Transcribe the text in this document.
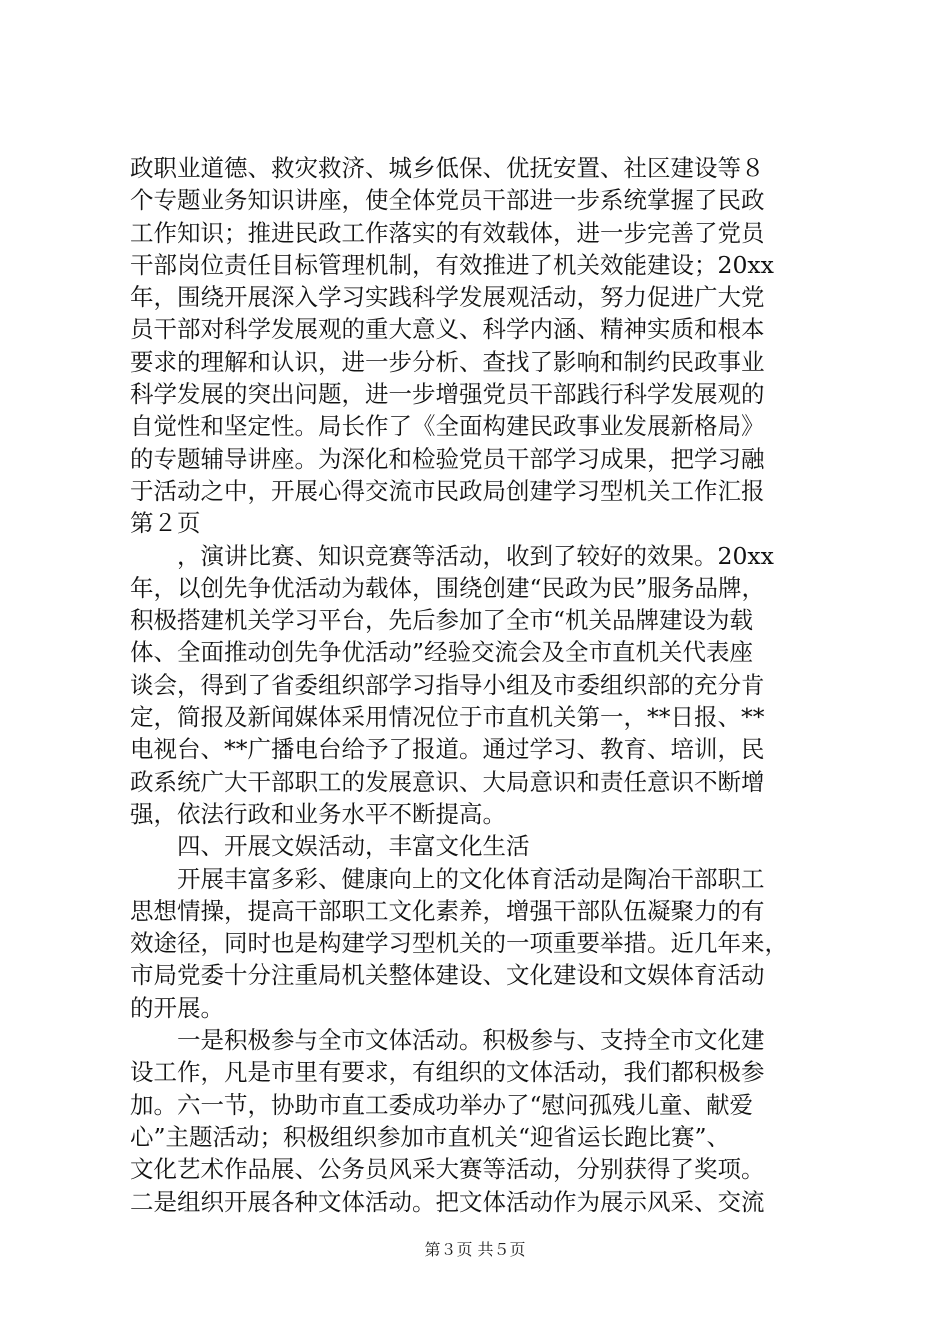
政职业道德、救灾救济、城乡低保、优抚安置、社区建设等８
个专题业务知识讲座，使全体党员干部进一步系统掌握了民政
工作知识；推进民政工作落实的有效载体，进一步完善了党员
干部岗位责任目标管理机制，有效推进了机关效能建设；20xx
年，围绕开展深入学习实践科学发展观活动，努力促进广大党
员干部对科学发展观的重大意义、科学内涵、精神实质和根本
要求的理解和认识，进一步分析、查找了影响和制约民政事业
科学发展的突出问题，进一步增强党员干部践行科学发展观的
自觉性和坚定性。局长作了《全面构建民政事业发展新格局》
的专题辅导讲座。为深化和检验党员干部学习成果，把学习融
于活动之中，开展心得交流市民政局创建学习型机关工作汇报
第２页
　　，演讲比赛、知识竞赛等活动，收到了较好的效果。20xx
年，以创先争优活动为载体，围绕创建“民政为民”服务品牌，
积极搭建机关学习平台，先后参加了全市“机关品牌建设为载
体、全面推动创先争优活动”经验交流会及全市直机关代表座
谈会，得到了省委组织部学习指导小组及市委组织部的充分肯
定，简报及新闻媒体采用情况位于市直机关第一，**日报、**
电视台、**广播电台给予了报道。通过学习、教育、培训，民
政系统广大干部职工的发展意识、大局意识和责任意识不断增
强，依法行政和业务水平不断提高。
　　四、开展文娱活动，丰富文化生活
　　开展丰富多彩、健康向上的文化体育活动是陶冶干部职工
思想情操，提高干部职工文化素养，增强干部队伍凝聚力的有
效途径，同时也是构建学习型机关的一项重要举措。近几年来，
市局党委十分注重局机关整体建设、文化建设和文娱体育活动
的开展。
　　一是积极参与全市文体活动。积极参与、支持全市文化建
设工作，凡是市里有要求，有组织的文体活动，我们都积极参
加。六一节，协助市直工委成功举办了“慰问孤残儿童、献爱
心”主题活动；积极组织参加市直机关“迎省运长跑比赛”、
文化艺术作品展、公务员风采大赛等活动，分别获得了奖项。
二是组织开展各种文体活动。把文体活动作为展示风采、交流
第３页 共５页
